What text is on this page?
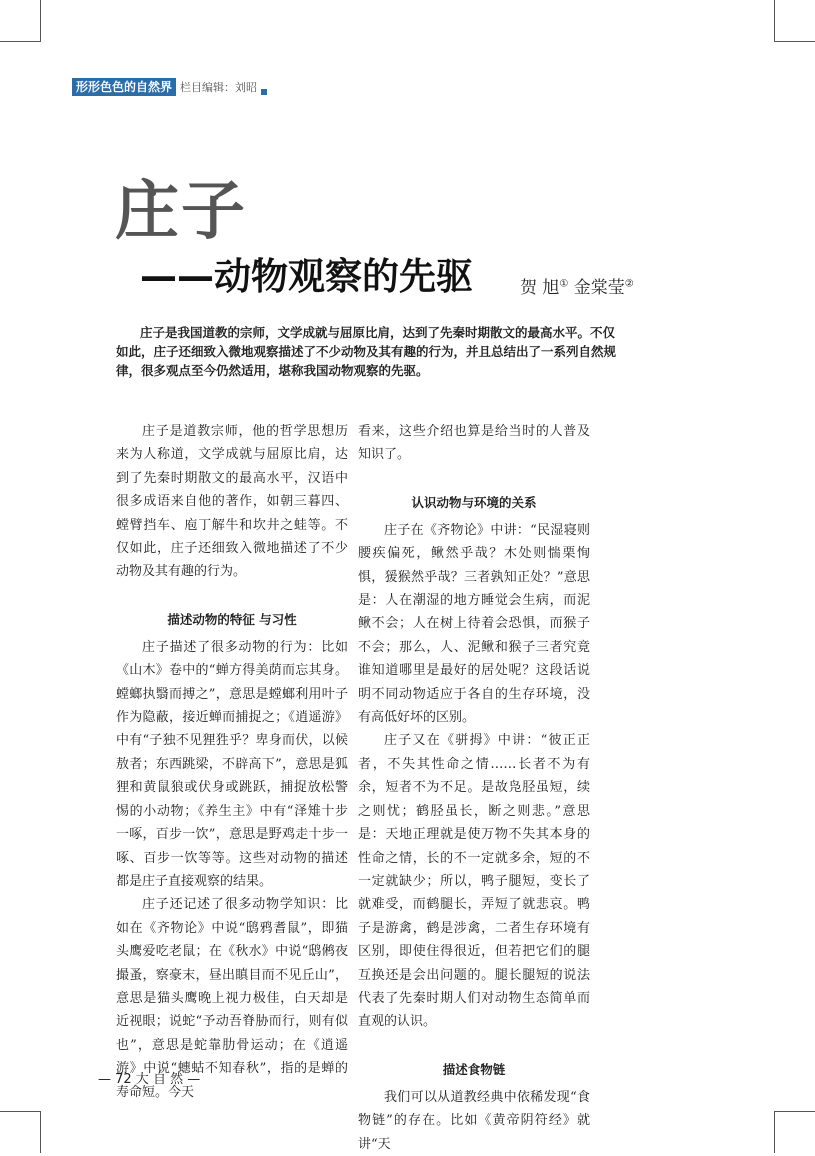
形形色色的自然界 栏目编辑：刘昭
庄子
——动物观察的先驱	贺 旭① 金棠莹②
庄子是我国道教的宗师，文学成就与屈原比肩，达到了先秦时期散文的最高水平。不仅如此，庄子还细致入微地观察描述了不少动物及其有趣的行为，并且总结出了一系列自然规律，很多观点至今仍然适用，堪称我国动物观察的先驱。

庄子是道教宗师，他的哲学思想历来为人称道，文学成就与屈原比肩，达到了先秦时期散文的最高水平，汉语中很多成语来自他的著作，如朝三暮四、螳臂挡车、庖丁解牛和坎井之蛙等。不仅如此，庄子还细致入微地描述了不少动物及其有趣的行为。

描述动物的特征 与习性

庄子描述了很多动物的行为：比如《山木》卷中的“蝉方得美荫而忘其身。螳螂执翳而搏之”，意思是螳螂利用叶子作为隐蔽，接近蝉而捕捉之；《逍遥游》中有“子独不见狸狌乎？卑身而伏，以候敖者；东西跳梁，不辟高下”，意思是狐狸和黄鼠狼或伏身或跳跃，捕捉放松警惕的小动物；《养生主》中有“泽雉十步一啄，百步一饮”，意思是野鸡走十步一啄、百步一饮等等。这些对动物的描述都是庄子直接观察的结果。

庄子还记述了很多动物学知识：比如在《齐物论》中说“鸱鸦耆鼠”，即猫头鹰爱吃老鼠；在《秋水》中说“鸱鸺夜撮蚤，察豪末，昼出瞋目而不见丘山”，意思是猫头鹰晚上视力极佳，白天却是近视眼；说蛇“予动吾脊胁而行，则有似也”，意思是蛇靠肋骨运动；在《逍遥游》中说“蟪蛄不知春秋”，指的是蝉的寿命短。今天

看来，这些介绍也算是给当时的人普及知识了。

认识动物与环境的关系

庄子在《齐物论》中讲：“民湿寝则腰疾偏死，鳅然乎哉？木处则惴栗恂惧，猨猴然乎哉？三者孰知正处？”意思是：人在潮湿的地方睡觉会生病，而泥鳅不会；人在树上待着会恐惧，而猴子不会；那么，人、泥鳅和猴子三者究竟谁知道哪里是最好的居处呢？这段话说明不同动物适应于各自的生存环境，没有高低好坏的区别。

庄子又在《骈拇》中讲：“彼正正者，不失其性命之情……长者不为有余，短者不为不足。是故凫胫虽短，续之则忧；鹤胫虽长，断之则悲。”意思是：天地正理就是使万物不失其本身的性命之情，长的不一定就多余，短的不一定就缺少；所以，鸭子腿短，变长了就难受，而鹤腿长，弄短了就悲哀。鸭子是游禽，鹤是涉禽，二者生存环境有区别，即使住得很近，但若把它们的腿互换还是会出问题的。腿长腿短的说法代表了先秦时期人们对动物生态简单而直观的认识。

描述食物链

我们可以从道教经典中依稀发现“食物链”的存在。比如《黄帝阴符经》就讲“天

— 72 大 自 然 —
